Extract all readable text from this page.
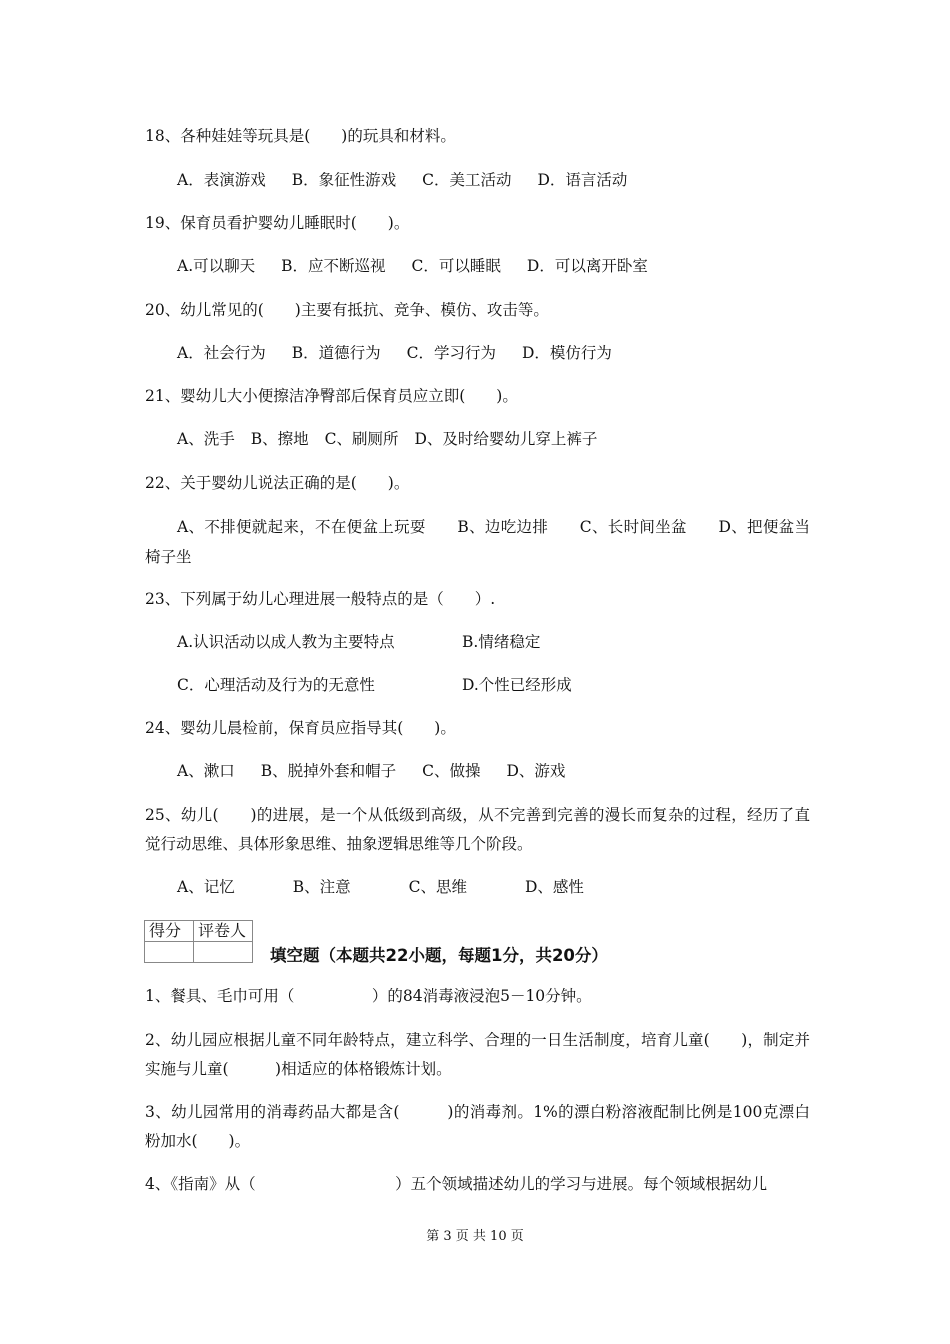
18、各种娃娃等玩具是(　　)的玩具和材料。
A．表演游戏 B．象征性游戏 C．美工活动 D．语言活动
19、保育员看护婴幼儿睡眠时(　　)。
A.可以聊天 B．应不断巡视 C．可以睡眠 D．可以离开卧室
20、幼儿常见的(　　)主要有抵抗、竞争、模仿、攻击等。
A．社会行为 B．道德行为 C．学习行为 D．模仿行为
21、婴幼儿大小便擦洁净臀部后保育员应立即(　　)。
A、洗手 B、擦地 C、刷厕所 D、及时给婴幼儿穿上裤子
22、关于婴幼儿说法正确的是(　　)。
A、不排便就起来，不在便盆上玩耍　　B、边吃边排　　C、长时间坐盆　　D、把便盆当椅子坐
23、下列属于幼儿心理进展一般特点的是（　　）.
A.认识活动以成人教为主要特点	B.情绪稳定
C．心理活动及行为的无意性	D.个性已经形成
24、婴幼儿晨检前，保育员应指导其(　　)。
A、漱口 B、脱掉外套和帽子 C、做操 D、游戏
25、幼儿(　　)的进展，是一个从低级到高级，从不完善到完善的漫长而复杂的过程，经历了直觉行动思维、具体形象思维、抽象逻辑思维等几个阶段。
A、记忆	B、注意	C、思维	D、感性
得分	评卷人

填空题（本题共22小题，每题1分，共20分）
1、餐具、毛巾可用（　　　　　）的84消毒液浸泡5－10分钟。
2、幼儿园应根据儿童不同年龄特点，建立科学、合理的一日生活制度，培育儿童(　　)，制定并实施与儿童(　　　)相适应的体格锻炼计划。
3、幼儿园常用的消毒药品大都是含(　　　)的消毒剂。1%的漂白粉溶液配制比例是100克漂白粉加水(　　)。
4、《指南》从（　　　　　　　　　）五个领域描述幼儿的学习与进展。每个领域根据幼儿
第 3 页 共 10 页
